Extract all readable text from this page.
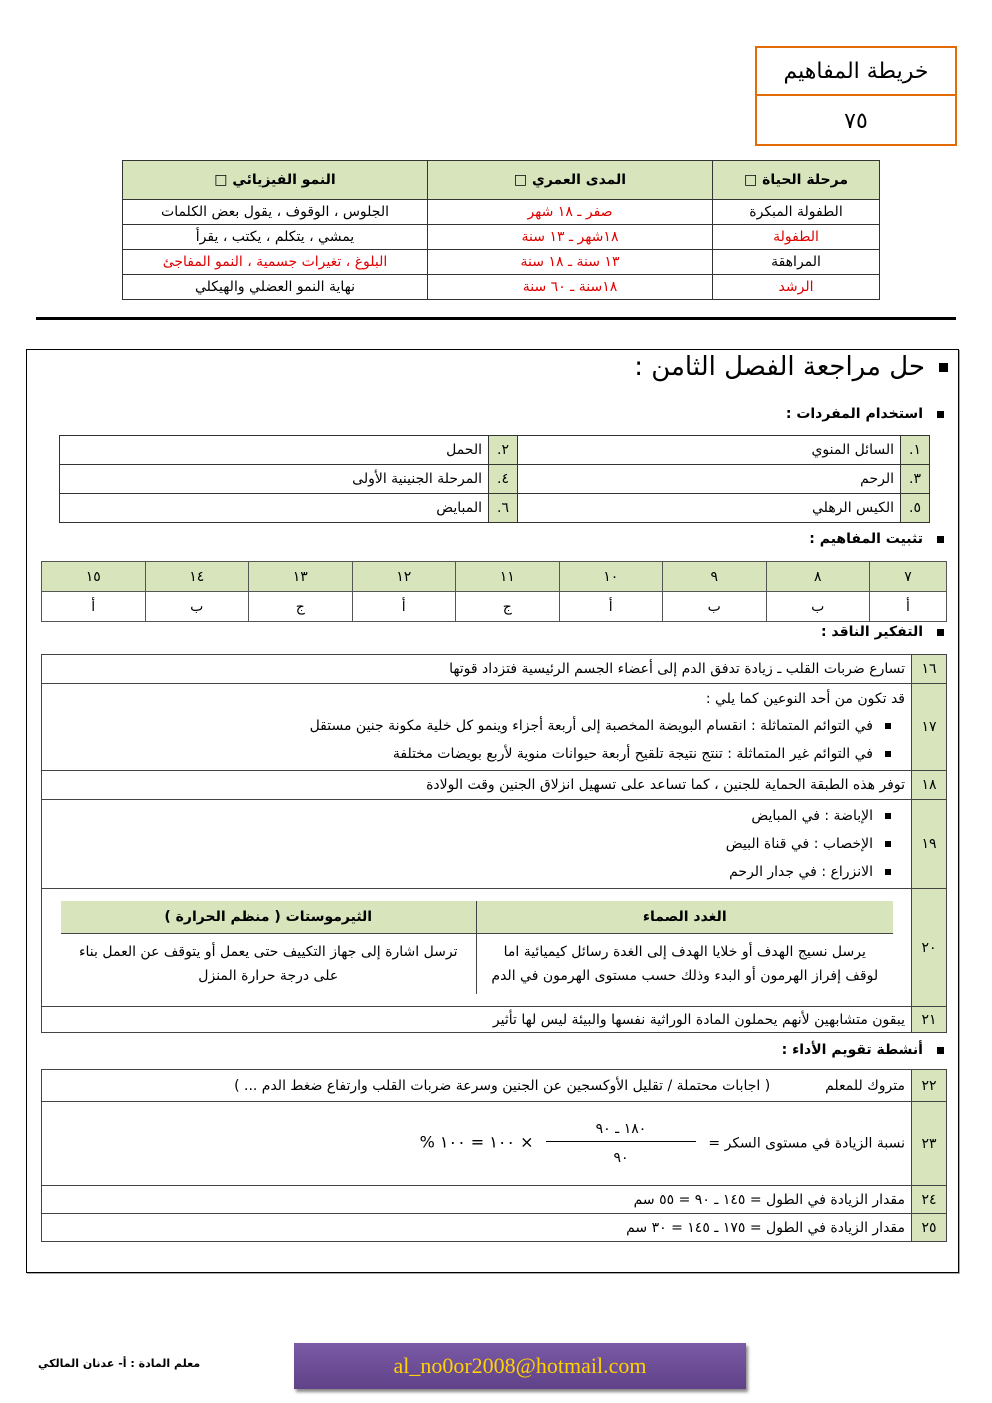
خريطة المفاهيم
٧٥
مرحلة الحياة □	المدى العمري □	النمو الفيزيائي □
الطفولة المبكرة	صفر ـ ١٨ شهر	الجلوس ، الوقوف ، يقول بعض الكلمات
الطفولة	١٨شهر ـ ١٣ سنة	يمشي ، يتكلم ، يكتب ، يقرأ
المراهقة	١٣ سنة ـ ١٨ سنة	البلوغ ، تغيرات جسمية ، النمو المفاجئ
الرشد	١٨سنة ـ ٦٠ سنة	نهاية النمو العضلي والهيكلي
حل مراجعة الفصل الثامن :
استخدام المفردات :
١.	السائل المنوي	٢.	الحمل
٣.	الرحم	٤.	المرحلة الجنينية الأولى
٥.	الكيس الرهلي	٦.	المبايض
تثبيت المفاهيم :
٧	٨	٩	١٠	١١	١٢	١٣	١٤	١٥
أ	ب	ب	أ	ج	أ	ج	ب	أ
التفكير الناقد :
١٦	تسارع ضربات القلب ـ زيادة تدفق الدم إلى أعضاء الجسم الرئيسية فتزداد قوتها
١٧	
قد تكون من أحد النوعين كما يلي :
في التوائم المتماثلة : انقسام البويضة المخصبة إلى أربعة أجزاء وينمو كل خلية مكونة جنين مستقل
في التوائم غير المتماثلة : تنتج نتيجة تلقيح أربعة حيوانات منوية لأربع بويضات مختلفة

١٨	توفر هذه الطبقة الحماية للجنين ، كما تساعد على تسهيل انزلاق الجنين وقت الولادة
١٩	
الإباضة : في المبايض
الإخصاب : في قناة البيض
الانزراع : في جدار الرحم

٢٠	
الغدد الصماء	الثيرموستات ( منظم الحرارة )
يرسل نسيج الهدف أو خلايا الهدف إلى الغدة رسائل كيميائية اما لوقف إفراز الهرمون أو البدء وذلك حسب مستوى الهرمون في الدم	ترسل اشارة إلى جهاز التكييف حتى يعمل أو يتوقف عن العمل بناء على درجة حرارة المنزل

٢١	يبقون متشابهين لأنهم يحملون المادة الوراثية نفسها والبيئة ليس لها تأثير
أنشطة تقويم الأداء :
٢٢	متروك للمعلم  ( اجابات محتملة / تقليل الأوكسجين عن الجنين وسرعة ضربات القلب وارتفاع ضغط الدم ... )
٢٣	نسبة الزيادة في مستوى السكر =
$\frac{\text{١٨٠ ـ ٩٠}}{٩٠}$
× ١٠٠ = ١٠٠ %
٢٤	مقدار الزيادة في الطول = ١٤٥ ـ ٩٠ = ٥٥ سم
٢٥	مقدار الزيادة في الطول = ١٧٥ ـ ١٤٥ = ٣٠ سم
معلم المادة : أ- عدنان المالكي	al_no0or2008@hotmail.com
